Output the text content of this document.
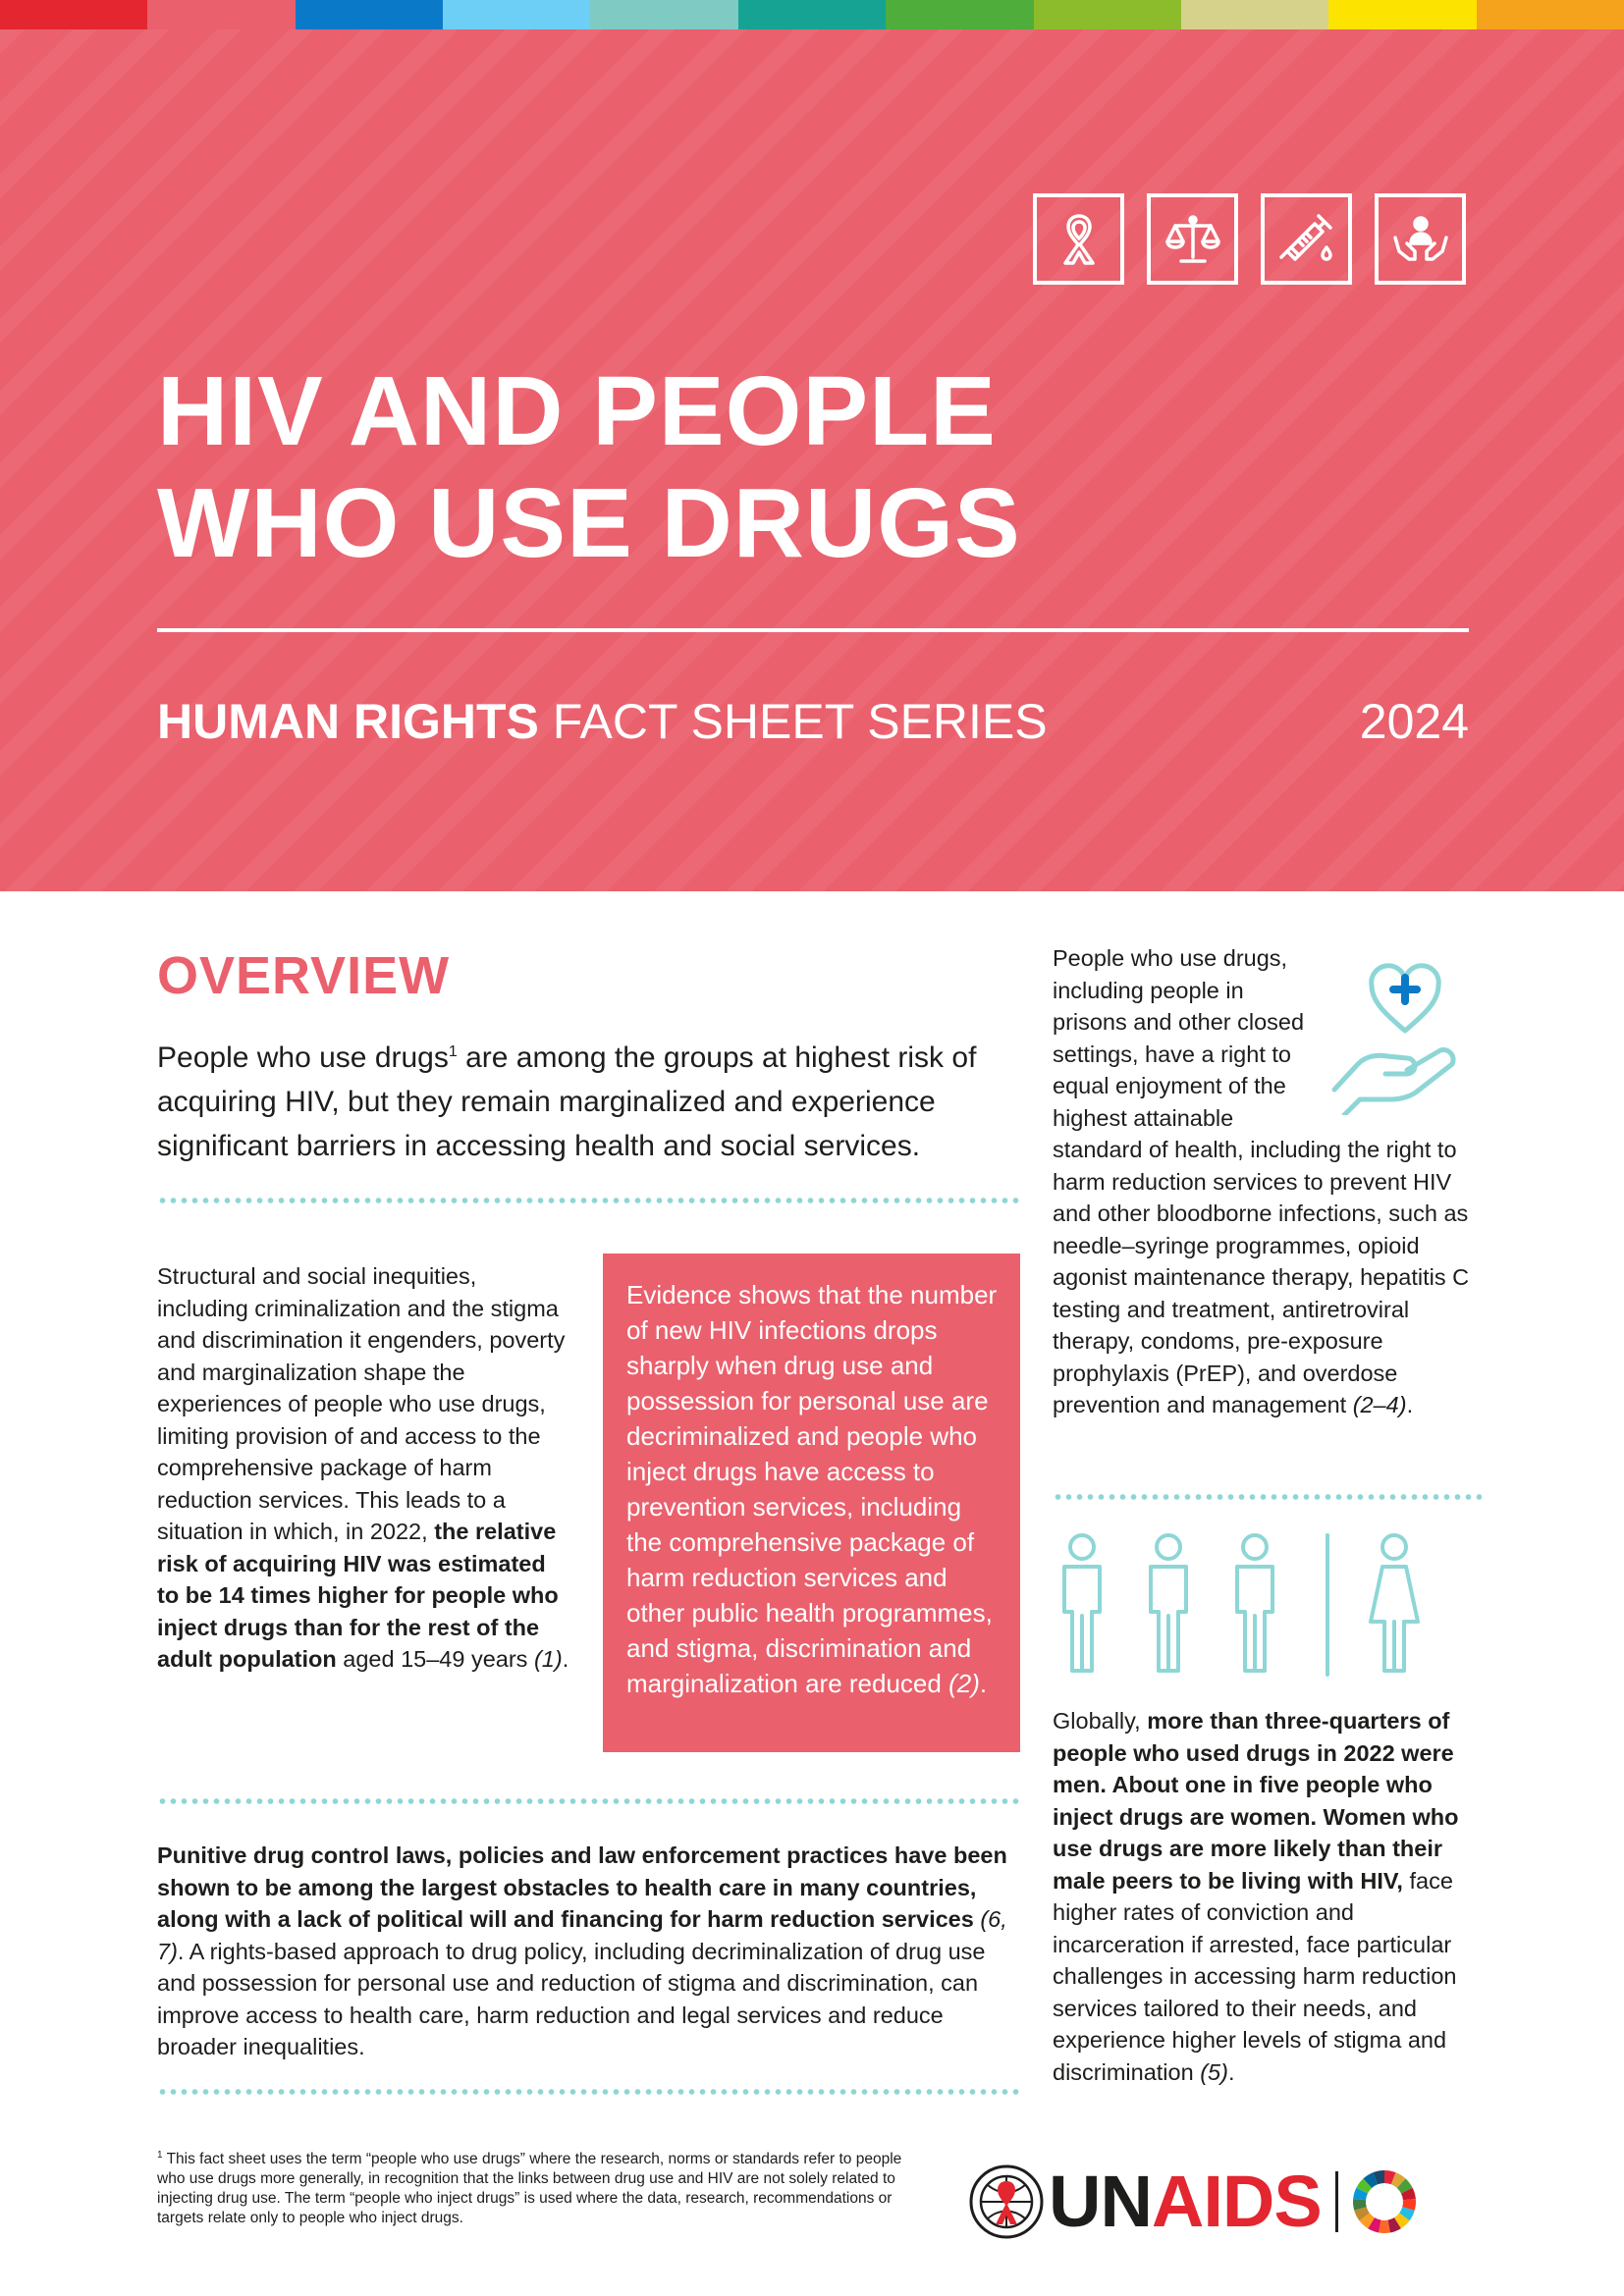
HIV AND PEOPLE
WHO USE DRUGS
HUMAN RIGHTS FACT SHEET SERIES	2024
OVERVIEW
People who use drugs$^1$ are among the groups at highest risk of acquiring HIV, but they remain marginalized and experience significant barriers in accessing health and social services.
Structural and social inequities, including criminalization and the stigma and discrimination it engenders, poverty and marginalization shape the experiences of people who use drugs, limiting provision of and access to the comprehensive package of harm reduction services. This leads to a situation in which, in 2022, the relative risk of acquiring HIV was estimated to be 14 times higher for people who inject drugs than for the rest of the adult population aged 15–49 years (1).
Evidence shows that the number of new HIV infections drops sharply when drug use and possession for personal use are decriminalized and people who inject drugs have access to prevention services, including the comprehensive package of harm reduction services and other public health programmes, and stigma, discrimination and marginalization are reduced (2).
Punitive drug control laws, policies and law enforcement practices have been shown to be among the largest obstacles to health care in many countries, along with a lack of political will and financing for harm reduction services (6, 7). A rights-based approach to drug policy, including decriminalization of drug use and possession for personal use and reduction of stigma and discrimination, can improve access to health care, harm reduction and legal services and reduce broader inequalities.
People who use drugs, including people in prisons and other closed settings, have a right to equal enjoyment of the highest attainable standard of health, including the right to harm reduction services to prevent HIV and other bloodborne infections, such as needle–syringe programmes, opioid agonist maintenance therapy, hepatitis C testing and treatment, antiretroviral therapy, condoms, pre-exposure prophylaxis (PrEP), and overdose prevention and management (2–4).
Globally, more than three-quarters of people who used drugs in 2022 were men. About one in five people who inject drugs are women. Women who use drugs are more likely than their male peers to be living with HIV, face higher rates of conviction and incarceration if arrested, face particular challenges in accessing harm reduction services tailored to their needs, and experience higher levels of stigma and discrimination (5).
$^1$ This fact sheet uses the term “people who use drugs” where the research, norms or standards refer to people who use drugs more generally, in recognition that the links between drug use and HIV are not solely related to injecting drug use. The term “people who inject drugs” is used where the data, research, recommendations or targets relate only to people who inject drugs.	UNAIDS
